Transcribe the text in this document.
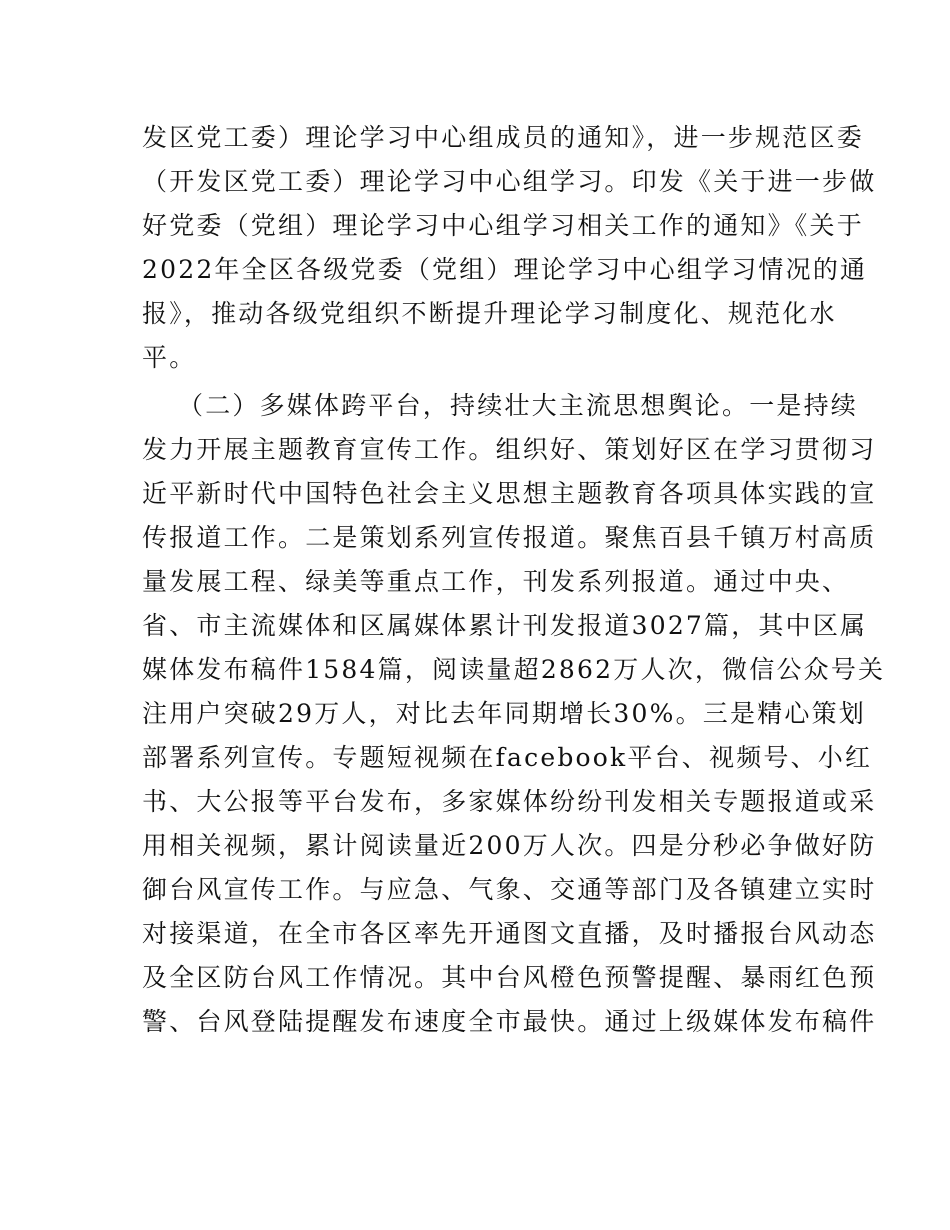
发区党工委）理论学习中心组成员的通知》，进一步规范区委
（开发区党工委）理论学习中心组学习。印发《关于进一步做
好党委（党组）理论学习中心组学习相关工作的通知》《关于
2022年全区各级党委（党组）理论学习中心组学习情况的通
报》，推动各级党组织不断提升理论学习制度化、规范化水
平。
（二）多媒体跨平台，持续壮大主流思想舆论。一是持续
发力开展主题教育宣传工作。组织好、策划好区在学习贯彻习
近平新时代中国特色社会主义思想主题教育各项具体实践的宣
传报道工作。二是策划系列宣传报道。聚焦百县千镇万村高质
量发展工程、绿美等重点工作，刊发系列报道。通过中央、
省、市主流媒体和区属媒体累计刊发报道3027篇，其中区属
媒体发布稿件1584篇，阅读量超2862万人次，微信公众号关
注用户突破29万人，对比去年同期增长30%。三是精心策划
部署系列宣传。专题短视频在facebook平台、视频号、小红
书、大公报等平台发布，多家媒体纷纷刊发相关专题报道或采
用相关视频，累计阅读量近200万人次。四是分秒必争做好防
御台风宣传工作。与应急、气象、交通等部门及各镇建立实时
对接渠道，在全市各区率先开通图文直播，及时播报台风动态
及全区防台风工作情况。其中台风橙色预警提醒、暴雨红色预
警、台风登陆提醒发布速度全市最快。通过上级媒体发布稿件
